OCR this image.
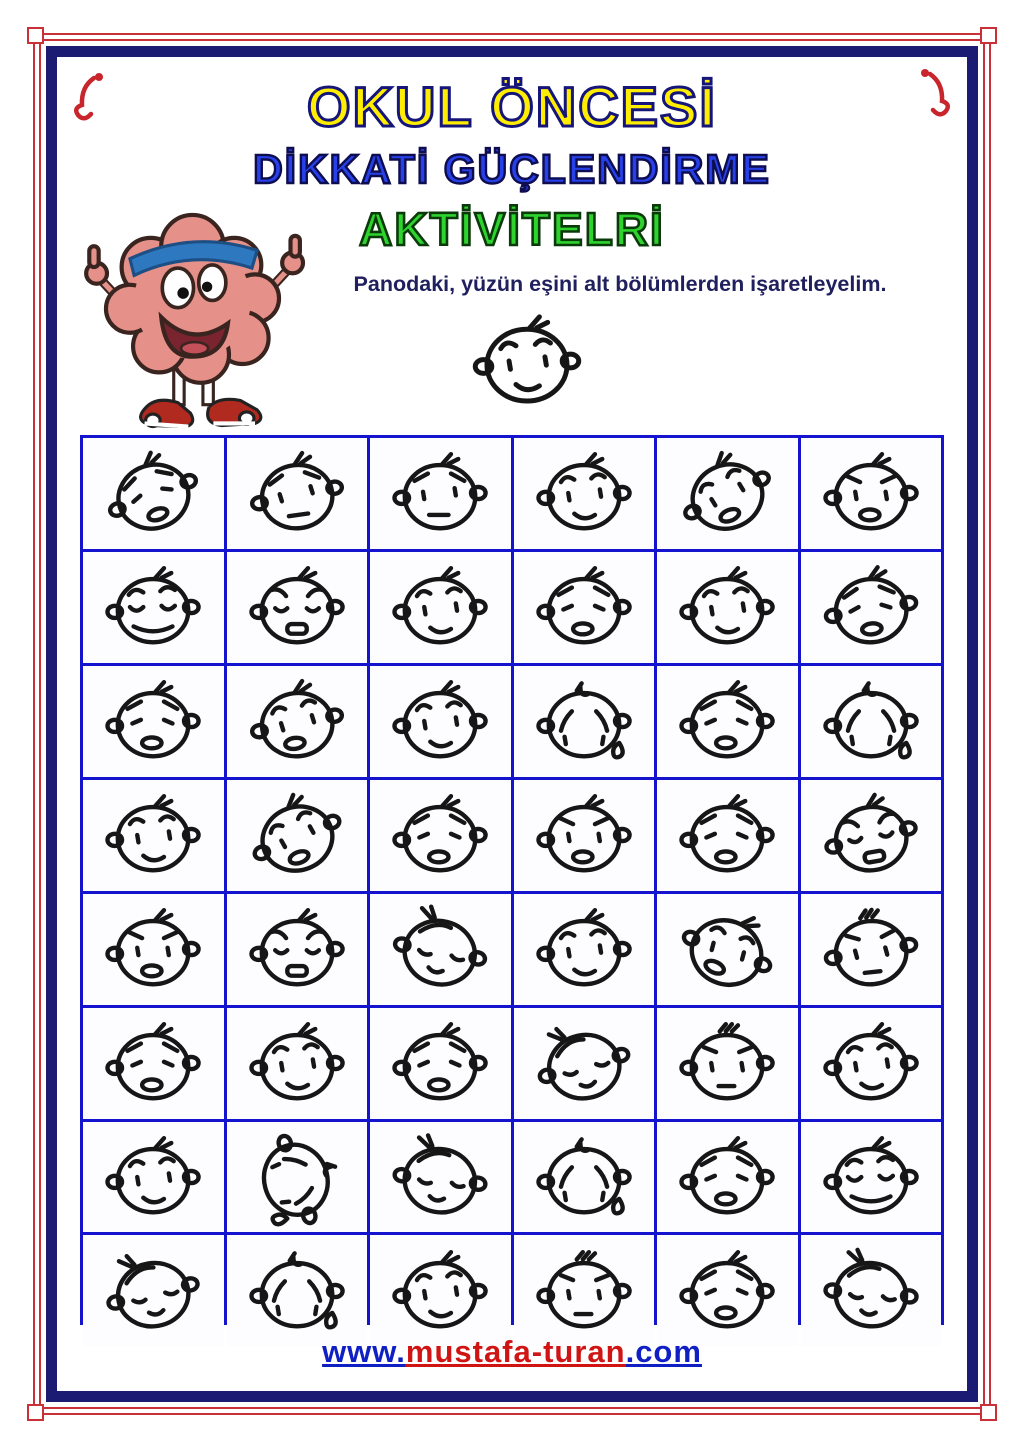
OKUL ÖNCESİ
DİKKATİ GÜÇLENDİRME
AKTİVİTELRİ
Panodaki, yüzün eşini alt bölümlerden işaretleyelim.
www.mustafa-turan.com
